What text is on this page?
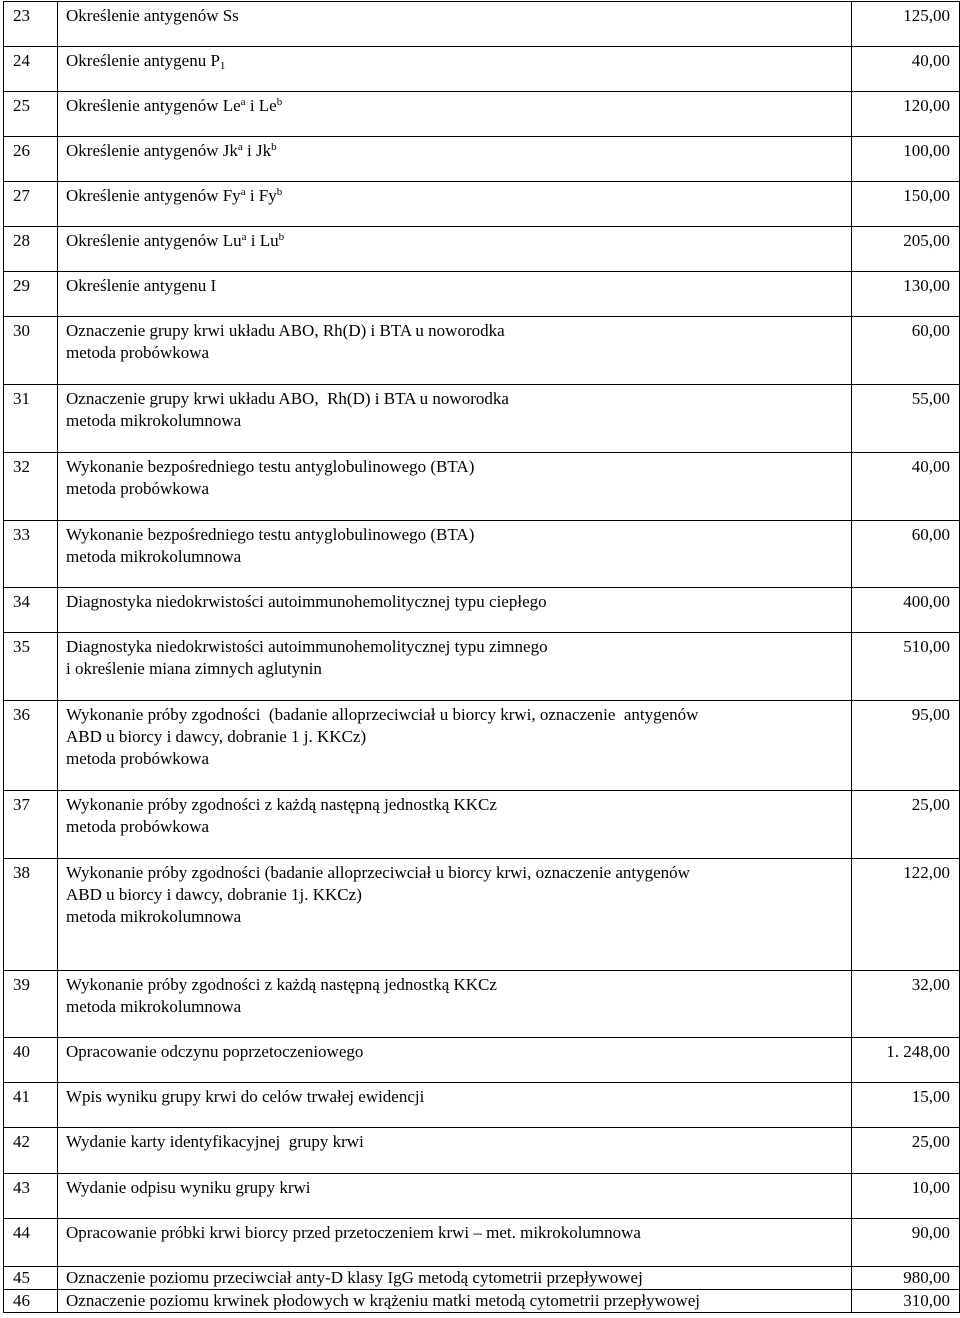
23	Określenie antygenów Ss	125,00
24	Określenie antygenu $P_1$	40,00
25	Określenie antygenów Le$^a$ i Le$^b$	120,00
26	Określenie antygenów Jk$^a$ i Jk$^b$	100,00
27	Określenie antygenów Fy$^a$ i Fy$^b$	150,00
28	Określenie antygenów Lu$^a$ i Lu$^b$	205,00
29	Określenie antygenu I	130,00
30	Oznaczenie grupy krwi układu ABO, Rh(D) i BTA u noworodka
metoda probówkowa	60,00
31	Oznaczenie grupy krwi układu ABO,  Rh(D) i BTA u noworodka
metoda mikrokolumnowa	55,00
32	Wykonanie bezpośredniego testu antyglobulinowego (BTA)
metoda probówkowa	40,00
33	Wykonanie bezpośredniego testu antyglobulinowego (BTA)
metoda mikrokolumnowa	60,00
34	Diagnostyka niedokrwistości autoimmunohemolitycznej typu ciepłego	400,00
35	Diagnostyka niedokrwistości autoimmunohemolitycznej typu zimnego
i określenie miana zimnych aglutynin	510,00
36	Wykonanie próby zgodności  (badanie alloprzeciwciał u biorcy krwi, oznaczenie  antygenów
ABD u biorcy i dawcy, dobranie 1 j. KKCz)
metoda probówkowa	95,00
37	Wykonanie próby zgodności z każdą następną jednostką KKCz
metoda probówkowa	25,00
38	Wykonanie próby zgodności (badanie alloprzeciwciał u biorcy krwi, oznaczenie antygenów
ABD u biorcy i dawcy, dobranie 1j. KKCz)
metoda mikrokolumnowa	122,00
39	Wykonanie próby zgodności z każdą następną jednostką KKCz
metoda mikrokolumnowa	32,00
40	Opracowanie odczynu poprzetoczeniowego	1. 248,00
41	Wpis wyniku grupy krwi do celów trwałej ewidencji	15,00
42	Wydanie karty identyfikacyjnej  grupy krwi	25,00
43	Wydanie odpisu wyniku grupy krwi	10,00
44	Opracowanie próbki krwi biorcy przed przetoczeniem krwi – met. mikrokolumnowa	90,00
45	Oznaczenie poziomu przeciwciał anty-D klasy IgG metodą cytometrii przepływowej	980,00
46	Oznaczenie poziomu krwinek płodowych w krążeniu matki metodą cytometrii przepływowej	310,00
